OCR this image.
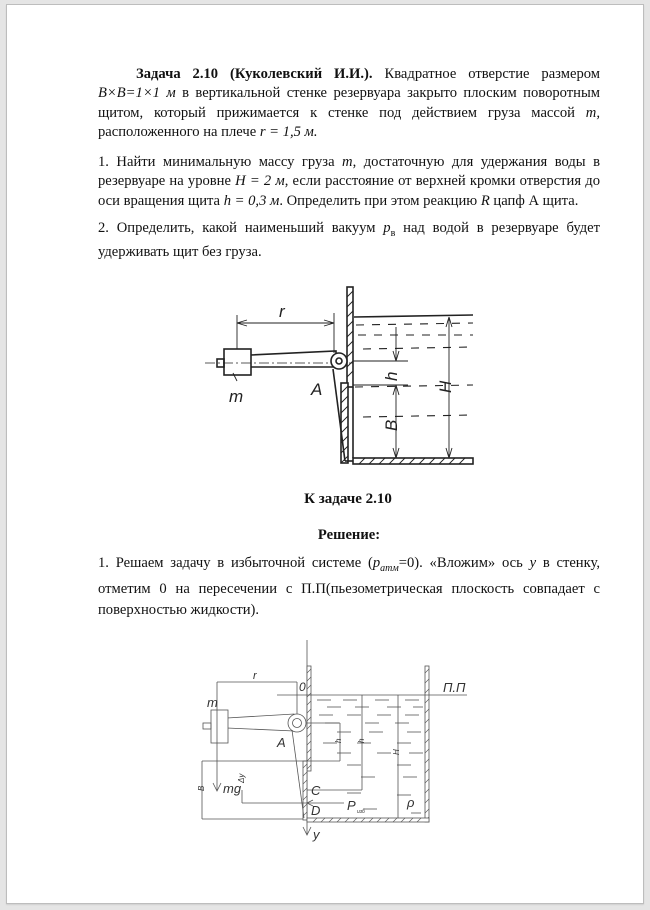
Задача 2.10 (Куколевский И.И.). Квадратное отверстие размером B×B=1×1 м в вертикальной стенке резервуара закрыто плоским поворотным щитом, который прижимается к стенке под действием груза массой m, расположенного на плече r = 1,5 м.
1. Найти минимальную массу груза m, достаточную для удержания воды в резервуаре на уровне H = 2 м, если расстояние от верхней кромки отверстия до оси вращения щита h = 0,3 м. Определить при этом реакцию R цапф А щита.
2. Определить, какой наименьший вакуум $p_в$ над водой в резервуаре будет удерживать щит без груза.
r
m	A
h
B
H
К задаче 2.10
Решение:
1. Решаем задачу в избыточной системе $(p_{атм}=0)$. «Вложим» ось y в стенку, отметим 0 на пересечении с П.П(пьезометрическая плоскость совпадает с поверхностью жидкости).
m
r
0	П.П
A	h h
H
B
Δy
C
D
mg
P изб
ρ
y
